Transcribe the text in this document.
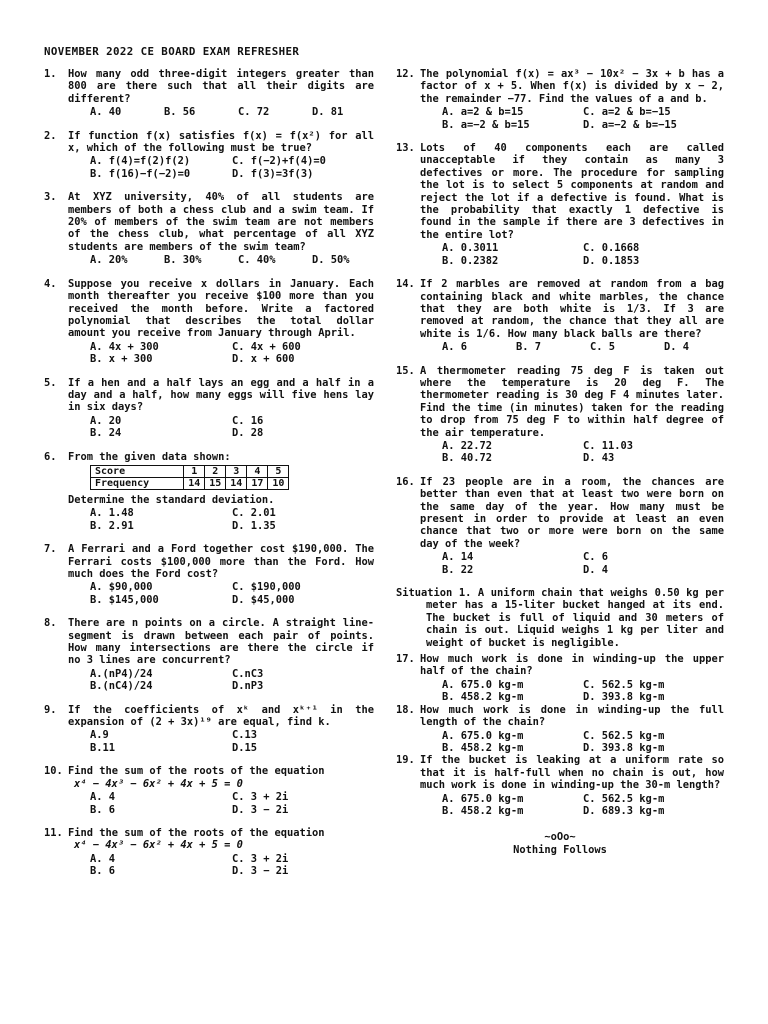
NOVEMBER 2022 CE BOARD EXAM REFRESHER
1.	How many odd three-digit integers greater than 800 are there such that all their digits are different?
A. 40	B. 56	C. 72	D. 81
2.	If function f(x) satisfies f(x) = f(x²) for all x, which of the following must be true?
A. f(4)=f(2)f(2)	C. f(−2)+f(4)=0
B. f(16)−f(−2)=0	D. f(3)=3f(3)
3.	At XYZ university, 40% of all students are members of both a chess club and a swim team. If 20% of members of the swim team are not members of the chess club, what percentage of all XYZ students are members of the swim team?
A. 20%	B. 30%	C. 40%	D. 50%
4.	Suppose you receive x dollars in January. Each month thereafter you receive $100 more than you received the month before. Write a factored polynomial that describes the total dollar amount you receive from January through April.
A. 4x + 300	C. 4x + 600
B. x + 300	D. x + 600
5.	If a hen and a half lays an egg and a half in a day and a half, how many eggs will five hens lay in six days?
A. 20	C. 16
B. 24	D. 28
6.	From the given data shown:
Score	1	2	3	4	5
Frequency	14	15	14	17	10
Determine the standard deviation.
A. 1.48	C. 2.01
B. 2.91	D. 1.35
7.	A Ferrari and a Ford together cost $190,000. The Ferrari costs $100,000 more than the Ford. How much does the Ford cost?
A. $90,000	C. $190,000
B. $145,000	D. $45,000
8.	There are n points on a circle. A straight line-segment is drawn between each pair of points. How many intersections are there the circle if no 3 lines are concurrent?
A.(nP4)/24	C.nC3
B.(nC4)/24	D.nP3
9.	If the coefficients of xᵏ and xᵏ⁺¹ in the expansion of (2 + 3x)¹⁹ are equal, find k.
A.9	C.13
B.11	D.15
10. Find the sum of the roots of the equation
x⁴ − 4x³ − 6x² + 4x + 5 = 0
A. 4	C. 3 + 2i
B. 6	D. 3 − 2i
11. Find the sum of the roots of the equation
x⁴ − 4x³ − 6x² + 4x + 5 = 0
A. 4	C. 3 + 2i
B. 6	D. 3 − 2i
12. The polynomial f(x) = ax³ − 10x² − 3x + b has a factor of x + 5. When f(x) is divided by x − 2, the remainder −77. Find the values of a and b.
A. a=2 & b=15	C. a=2 & b=−15
B. a=−2 & b=15	D. a=−2 & b=−15
13. Lots of 40 components each are called unacceptable if they contain as many 3 defectives or more. The procedure for sampling the lot is to select 5 components at random and reject the lot if a defective is found. What is the probability that exactly 1 defective is found in the sample if there are 3 defectives in the entire lot?
A. 0.3011	C. 0.1668
B. 0.2382	D. 0.1853
14. If 2 marbles are removed at random from a bag containing black and white marbles, the chance that they are both white is 1/3. If 3 are removed at random, the chance that they all are white is 1/6. How many black balls are there?
A. 6	B. 7	C. 5	D. 4
15. A thermometer reading 75 deg F is taken out where the temperature is 20 deg F. The thermometer reading is 30 deg F 4 minutes later. Find the time (in minutes) taken for the reading to drop from 75 deg F to within half degree of the air temperature.
A. 22.72	C. 11.03
B. 40.72	D. 43
16. If 23 people are in a room, the chances are better than even that at least two were born on the same day of the year. How many must be present in order to provide at least an even chance that two or more were born on the same day of the week?
A. 14	C. 6
B. 22	D. 4
Situation 1. A uniform chain that weighs 0.50 kg per meter has a 15-liter bucket hanged at its end. The bucket is full of liquid and 30 meters of chain is out. Liquid weighs 1 kg per liter and weight of bucket is negligible.
17. How much work is done in winding-up the upper half of the chain?
A. 675.0 kg-m	C. 562.5 kg-m
B. 458.2 kg-m	D. 393.8 kg-m
18. How much work is done in winding-up the full length of the chain?
A. 675.0 kg-m	C. 562.5 kg-m
B. 458.2 kg-m	D. 393.8 kg-m
19. If the bucket is leaking at a uniform rate so that it is half-full when no chain is out, how much work is done in winding-up the 30-m length?
A. 675.0 kg-m	C. 562.5 kg-m
B. 458.2 kg-m	D. 689.3 kg-m
~oOo~
Nothing Follows
